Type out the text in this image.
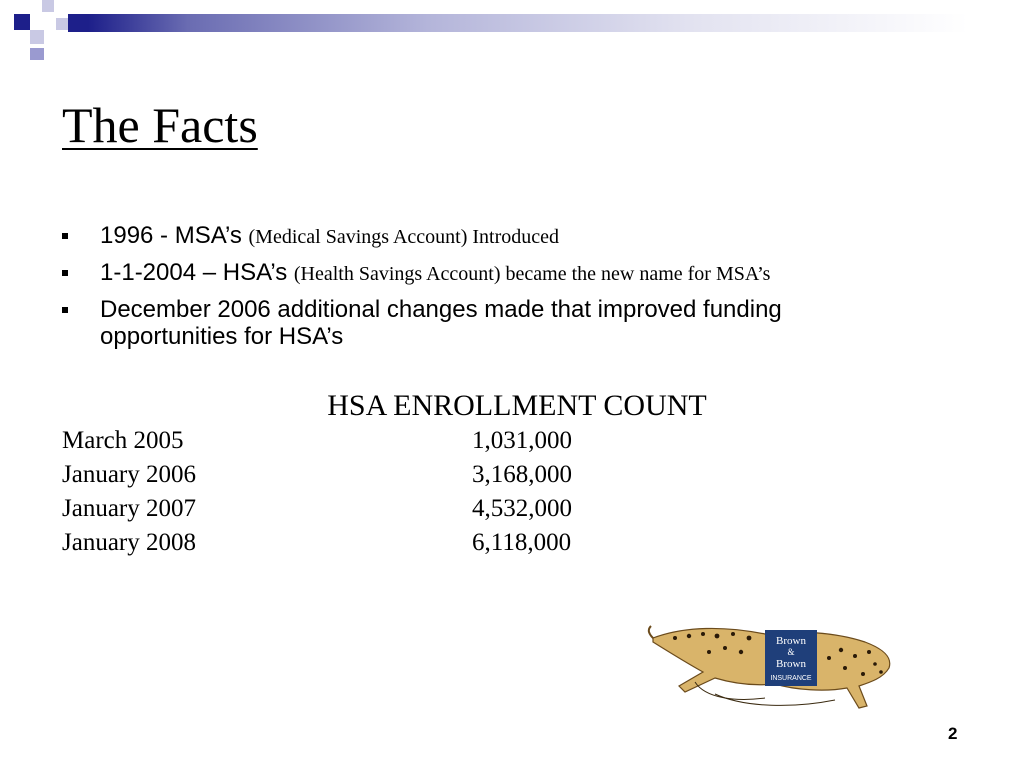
The Facts
1996 - MSA’s (Medical Savings Account) Introduced
1-1-2004 – HSA’s (Health Savings Account) became the new name for MSA’s
December 2006 additional changes made that improved funding
opportunities for HSA’s
HSA ENROLLMENT COUNT
March 2005	1,031,000
January 2006	3,168,000
January 2007	4,532,000
January 2008	6,118,000
Brown
&
Brown
INSURANCE
2
